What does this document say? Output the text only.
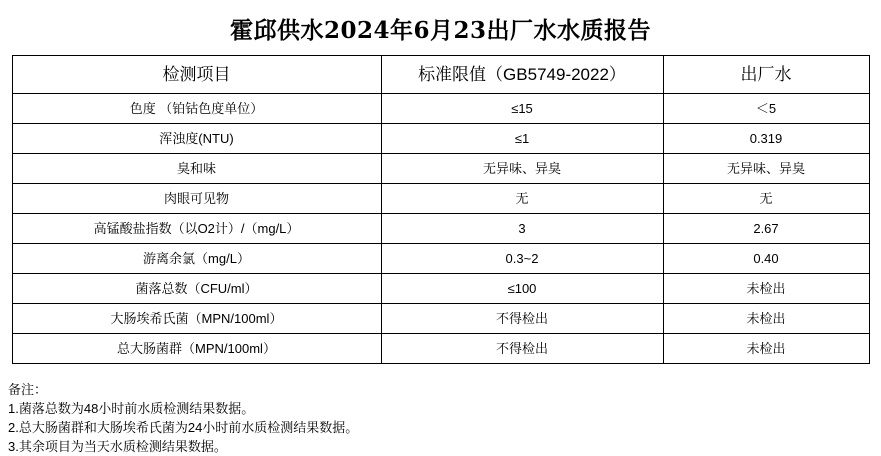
霍邱供水2024年6月23出厂水水质报告
检测项目	标准限值（GB5749-2022）	出厂水
色度 （铂钴色度单位）	≤15	＜5
浑浊度(NTU)	≤1	0.319
臭和味	无异味、异臭	无异味、异臭
肉眼可见物	无	无
高锰酸盐指数（以O2计）/（mg/L）	3	2.67
游离余氯（mg/L）	0.3~2	0.40
菌落总数（CFU/ml）	≤100	未检出
大肠埃希氏菌（MPN/100ml）	不得检出	未检出
总大肠菌群（MPN/100ml）	不得检出	未检出
备注：
1.菌落总数为48小时前水质检测结果数据。
2.总大肠菌群和大肠埃希氏菌为24小时前水质检测结果数据。
3.其余项目为当天水质检测结果数据。
